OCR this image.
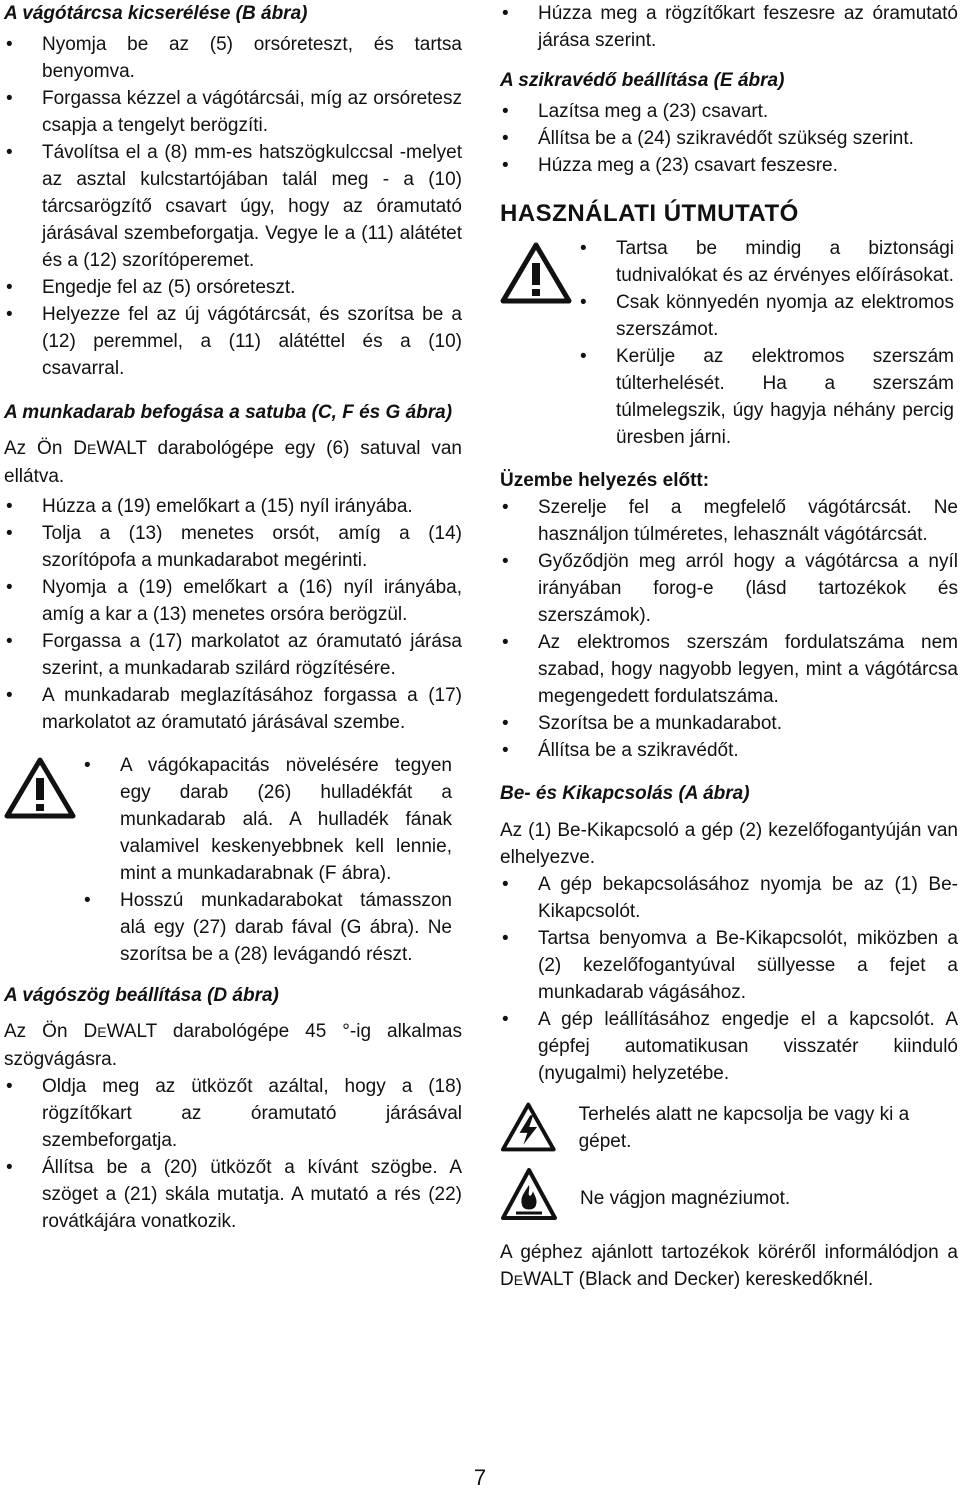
A vágótárcsa kicserélése (B ábra)
• Nyomja be az (5) orsóreteszt, és tartsa benyomva.
• Forgassa kézzel a vágótárcsái, míg az orsóretesz csapja a tengelyt berögzíti.
• Távolítsa el a (8) mm-es hatszögkulccsal -melyet az asztal kulcstartójában talál meg - a (10) tárcsarögzítő csavart úgy, hogy az óramutató járásával szembeforgatja. Vegye le a (11) alátétet és a (12) szorítóperemet.
• Engedje fel az (5) orsóreteszt.
• Helyezze fel az új vágótárcsát, és szorítsa be a (12) peremmel, a (11) alátéttel és a (10) csavarral.
A munkadarab befogása a satuba (C, F és G ábra)

Az Ön DEWALT darabológépe egy (6) satuval van ellátva.

• Húzza a (19) emelőkart a (15) nyíl irányába.
• Tolja a (13) menetes orsót, amíg a (14) szorítópofa a munkadarabot megérinti.
• Nyomja a (19) emelőkart a (16) nyíl irányába, amíg a kar a (13) menetes orsóra berögzül.
• Forgassa a (17) markolatot az óramutató járása szerint, a munkadarab szilárd rögzítésére.
• A munkadarab meglazításához forgassa a (17) markolatot az óramutató járásával szembe.
• A vágókapacitás növelésére tegyen egy darab (26) hulladékfát a munkadarab alá. A hulladék fának valamivel keskenyebbnek kell lennie, mint a munkadarabnak (F ábra).
• Hosszú munkadarabokat támasszon alá egy (27) darab fával (G ábra). Ne szorítsa be a (28) levágandó részt.
A vágószög beállítása (D ábra)

Az Ön DEWALT darabológépe 45 °-ig alkalmas szögvágásra.

• Oldja meg az ütközőt azáltal, hogy a (18) rögzítőkart az óramutató járásával szembeforgatja.
• Állítsa be a (20) ütközőt a kívánt szögbe. A szöget a (21) skála mutatja. A mutató a rés (22) rovátkájára vonatkozik.
• Húzza meg a rögzítőkart feszesre az óramutató járása szerint.
A szikravédő beállítása (E ábra)
• Lazítsa meg a (23) csavart.
• Állítsa be a (24) szikravédőt szükség szerint.
• Húzza meg a (23) csavart feszesre.
HASZNÁLATI ÚTMUTATÓ
• Tartsa be mindig a biztonsági tudnivalókat és az érvényes előírásokat.
• Csak könnyedén nyomja az elektromos szerszámot.
• Kerülje az elektromos szerszám túlterhelését. Ha a szerszám túlmelegszik, úgy hagyja néhány percig üresben járni.
Üzembe helyezés előtt:
• Szerelje fel a megfelelő vágótárcsát. Ne használjon túlméretes, lehasznált vágótárcsát.
• Győződjön meg arról hogy a vágótárcsa a nyíl irányában forog-e (lásd tartozékok és szerszámok).
• Az elektromos szerszám fordulatszáma nem szabad, hogy nagyobb legyen, mint a vágótárcsa megengedett fordulatszáma.
• Szorítsa be a munkadarabot.
• Állítsa be a szikravédőt.
Be- és Kikapcsolás (A ábra)

Az (1) Be-Kikapcsoló a gép (2) kezelőfogantyúján van elhelyezve.

• A gép bekapcsolásához nyomja be az (1) Be-Kikapcsolót.
• Tartsa benyomva a Be-Kikapcsolót, miközben a (2) kezelőfogantyúval süllyesse a fejet a munkadarab vágásához.
• A gép leállításához engedje el a kapcsolót. A gépfej automatikusan visszatér kiinduló (nyugalmi) helyzetébe.
Terhelés alatt ne kapcsolja be vagy ki a gépet.
Ne vágjon magnéziumot.

A géphez ajánlott tartozékok köréről informálódjon a DEWALT (Black and Decker) kereskedőknél.

7
